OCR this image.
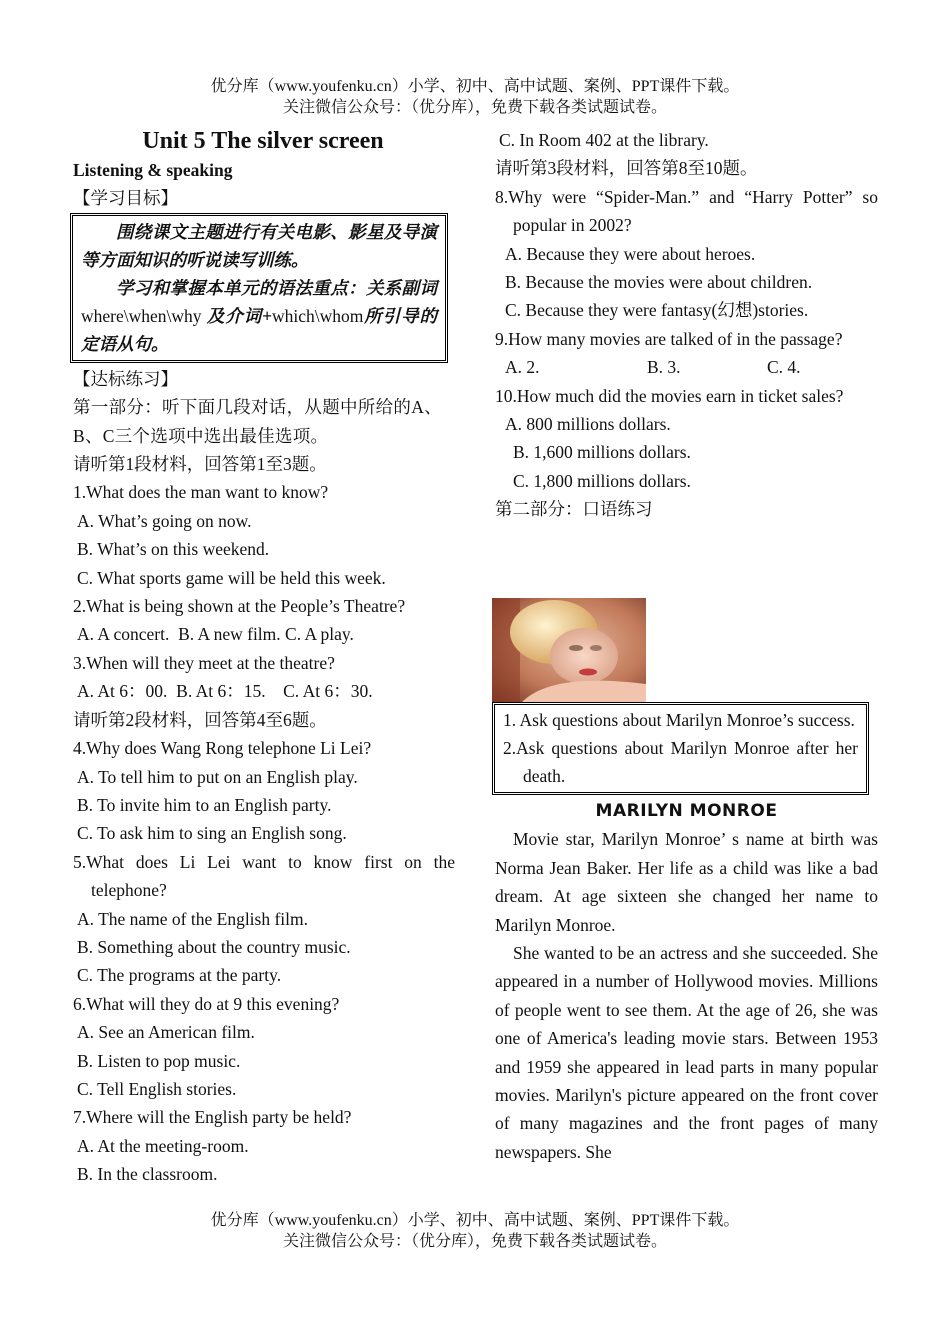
优分库（www.youfenku.cn）小学、初中、高中试题、案例、PPT课件下载。
关注微信公众号：（优分库），免费下载各类试题试卷。
Unit 5 The silver screen
Listening & speaking
【学习目标】

围绕课文主题进行有关电影、影星及导演等方面知识的听说读写训练。

学习和掌握本单元的语法重点：关系副词 where\when\why 及介词+which\whom所引导的定语从句。

【达标练习】
第一部分：听下面几段对话，从题中所给的A、B、C三个选项中选出最佳选项。
请听第1段材料，回答第1至3题。
1.What does the man want to know?
A. What’s going on now.
B. What’s on this weekend.
C. What sports game will be held this week.
2.What is being shown at the People’s Theatre?
A. A concert.  B. A new film. C. A play.
3.When will they meet at the theatre?
A. At 6：00.  B. At 6：15.    C. At 6：30.
请听第2段材料，回答第4至6题。
4.Why does Wang Rong telephone Li Lei?
A. To tell him to put on an English play.
B. To invite him to an English party.
C. To ask him to sing an English song.
5.What does Li Lei want to know first on the telephone?
A. The name of the English film.
B. Something about the country music.
C. The programs at the party.
6.What will they do at 9 this evening?
A. See an American film.
B. Listen to pop music.
C. Tell English stories.
7.Where will the English party be held?
A. At the meeting-room.
B. In the classroom.
C. In Room 402 at the library.
请听第3段材料，回答第8至10题。
8.Why were “Spider-Man.” and “Harry Potter” so popular in 2002?
A. Because they were about heroes.
B. Because the movies were about children.
C. Because they were fantasy(幻想)stories.
9.How many movies are talked of in the passage?
A. 2.	B. 3.	C. 4.
10.How much did the movies earn in ticket sales?
A. 800 millions dollars.
B. 1,600 millions dollars.
C. 1,800 millions dollars.
第二部分：口语练习
1. Ask questions about Marilyn Monroe’s success.
2.Ask questions about Marilyn Monroe after her death.
MARILYN MONROE

Movie star, Marilyn Monroe’ s name at birth was Norma Jean Baker. Her life as a child was like a bad dream. At age sixteen she changed her name to Marilyn Monroe.

She wanted to be an actress and she succeeded. She appeared in a number of Hollywood movies. Millions of people went to see them. At the age of 26, she was one of America's leading movie stars. Between 1953 and 1959 she appeared in lead parts in many popular movies. Marilyn's picture appeared on the front cover of many magazines and the front pages of many newspapers. She

优分库（www.youfenku.cn）小学、初中、高中试题、案例、PPT课件下载。
关注微信公众号：（优分库），免费下载各类试题试卷。
